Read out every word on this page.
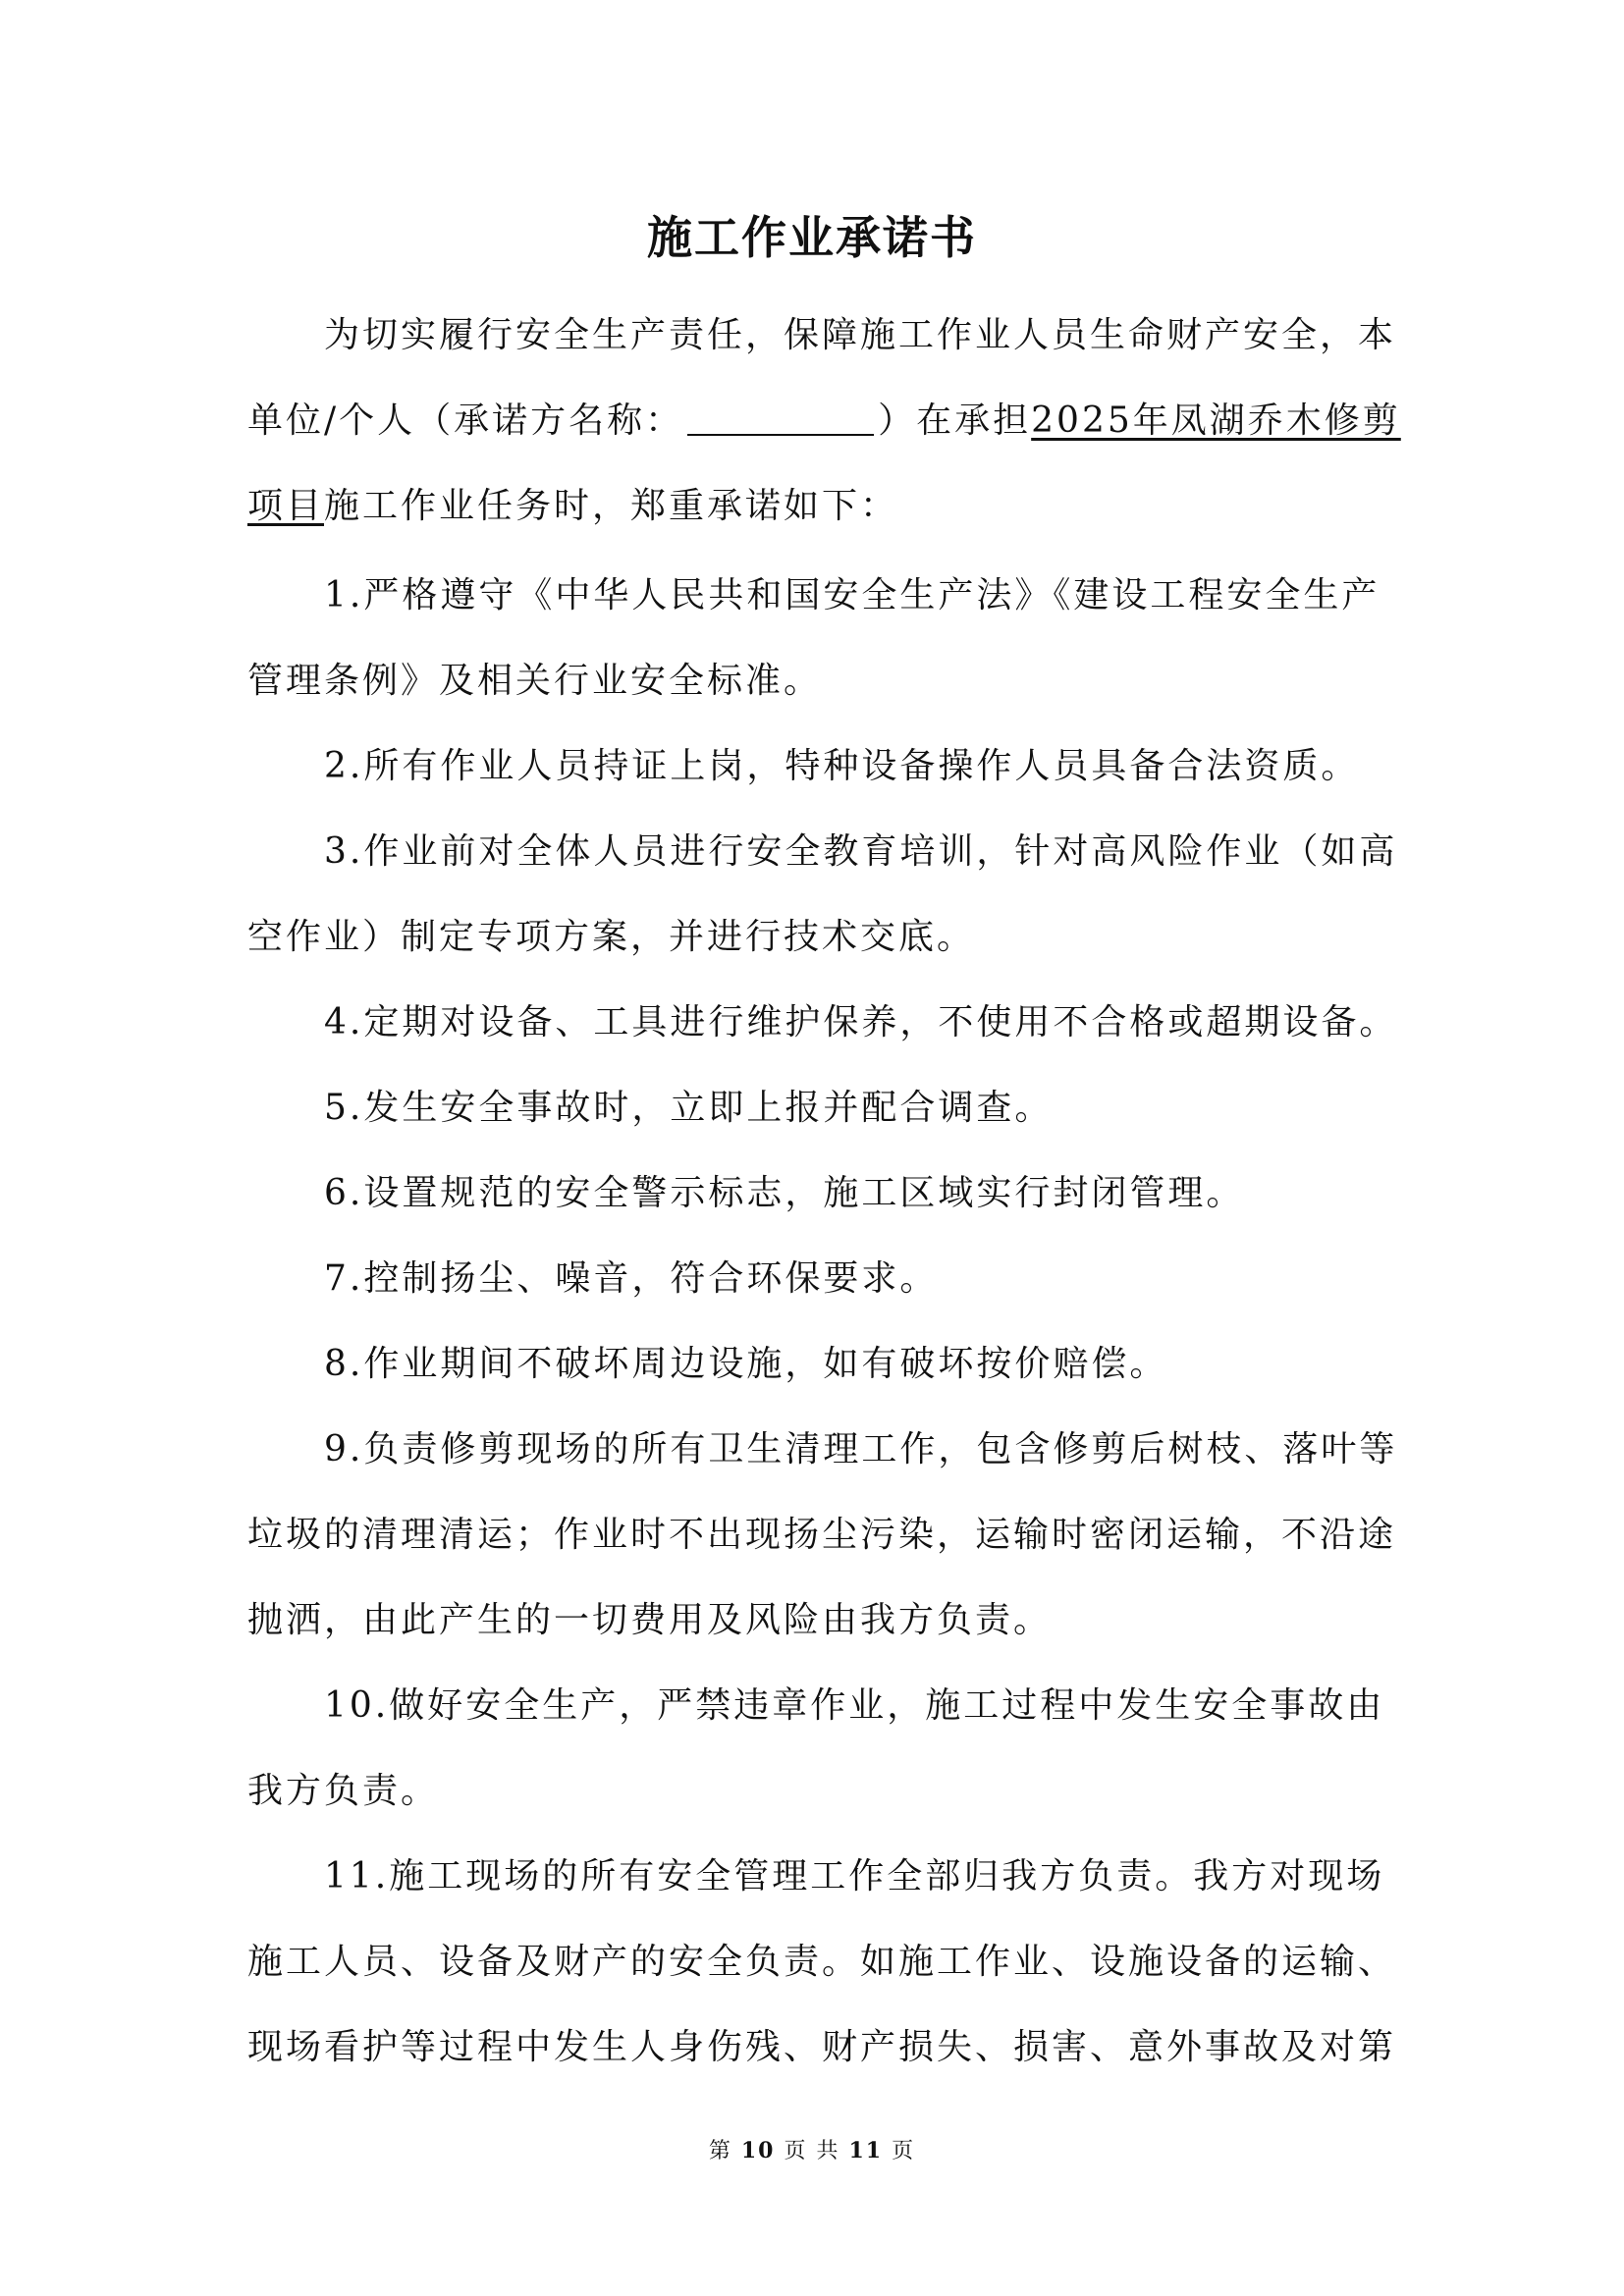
施工作业承诺书
为切实履行安全生产责任，保障施工作业人员生命财产安全，本
单位/个人（承诺方名称：	）在承担2025年凤湖乔木修剪
项目施工作业任务时，郑重承诺如下：
1.严格遵守《中华人民共和国安全生产法》《建设工程安全生产
管理条例》及相关行业安全标准。
2.所有作业人员持证上岗，特种设备操作人员具备合法资质。
3.作业前对全体人员进行安全教育培训，针对高风险作业（如高
空作业）制定专项方案，并进行技术交底。
4.定期对设备、工具进行维护保养，不使用不合格或超期设备。
5.发生安全事故时，立即上报并配合调查。
6.设置规范的安全警示标志，施工区域实行封闭管理。
7.控制扬尘、噪音，符合环保要求。
8.作业期间不破坏周边设施，如有破坏按价赔偿。
9.负责修剪现场的所有卫生清理工作，包含修剪后树枝、落叶等
垃圾的清理清运；作业时不出现扬尘污染，运输时密闭运输，不沿途
抛洒，由此产生的一切费用及风险由我方负责。
10.做好安全生产，严禁违章作业，施工过程中发生安全事故由
我方负责。
11.施工现场的所有安全管理工作全部归我方负责。我方对现场
施工人员、设备及财产的安全负责。如施工作业、设施设备的运输、
现场看护等过程中发生人身伤残、财产损失、损害、意外事故及对第
第 10 页 共 11 页
